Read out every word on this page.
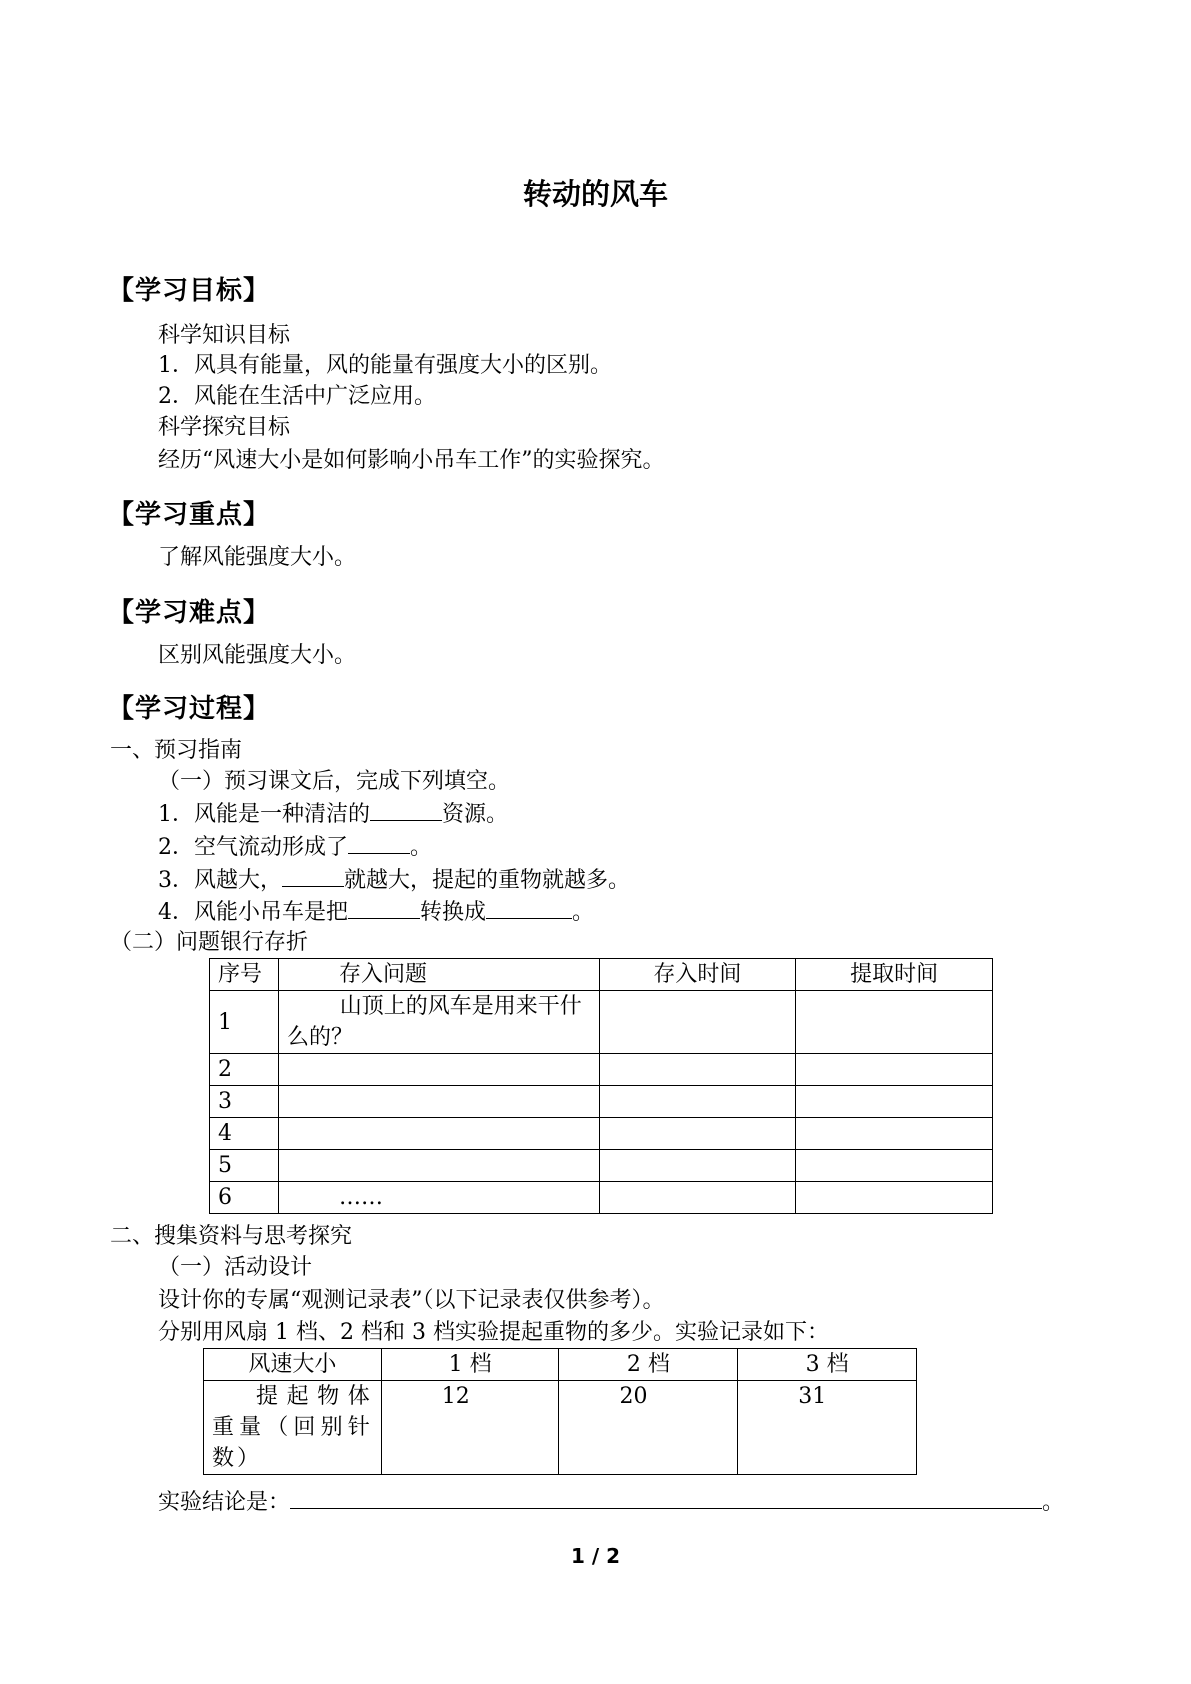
转动的风车
【学习目标】
科学知识目标
1．风具有能量，风的能量有强度大小的区别。
2．风能在生活中广泛应用。
科学探究目标
经历“风速大小是如何影响小吊车工作”的实验探究。
【学习重点】
了解风能强度大小。
【学习难点】
区别风能强度大小。
【学习过程】
一、预习指南
（一）预习课文后，完成下列填空。
1．风能是一种清洁的	资源。
2．空气流动形成了	。
3．风越大，	就越大，提起的重物就越多。
4．风能小吊车是把	转换成	。
（二）问题银行存折
序号	存入问题	存入时间	提取时间
1	山顶上的风车是用来干什么的？		
2			
3			
4			
5			
6	……		
二、搜集资料与思考探究
（一）活动设计
设计你的专属“观测记录表”（以下记录表仅供参考）。
分别用风扇 1 档、2 档和 3 档实验提起重物的多少。实验记录如下：
风速大小	1 档	2 档	3 档
提起物体重量（回别针数）	12	20	31
实验结论是：	。
1 / 2
